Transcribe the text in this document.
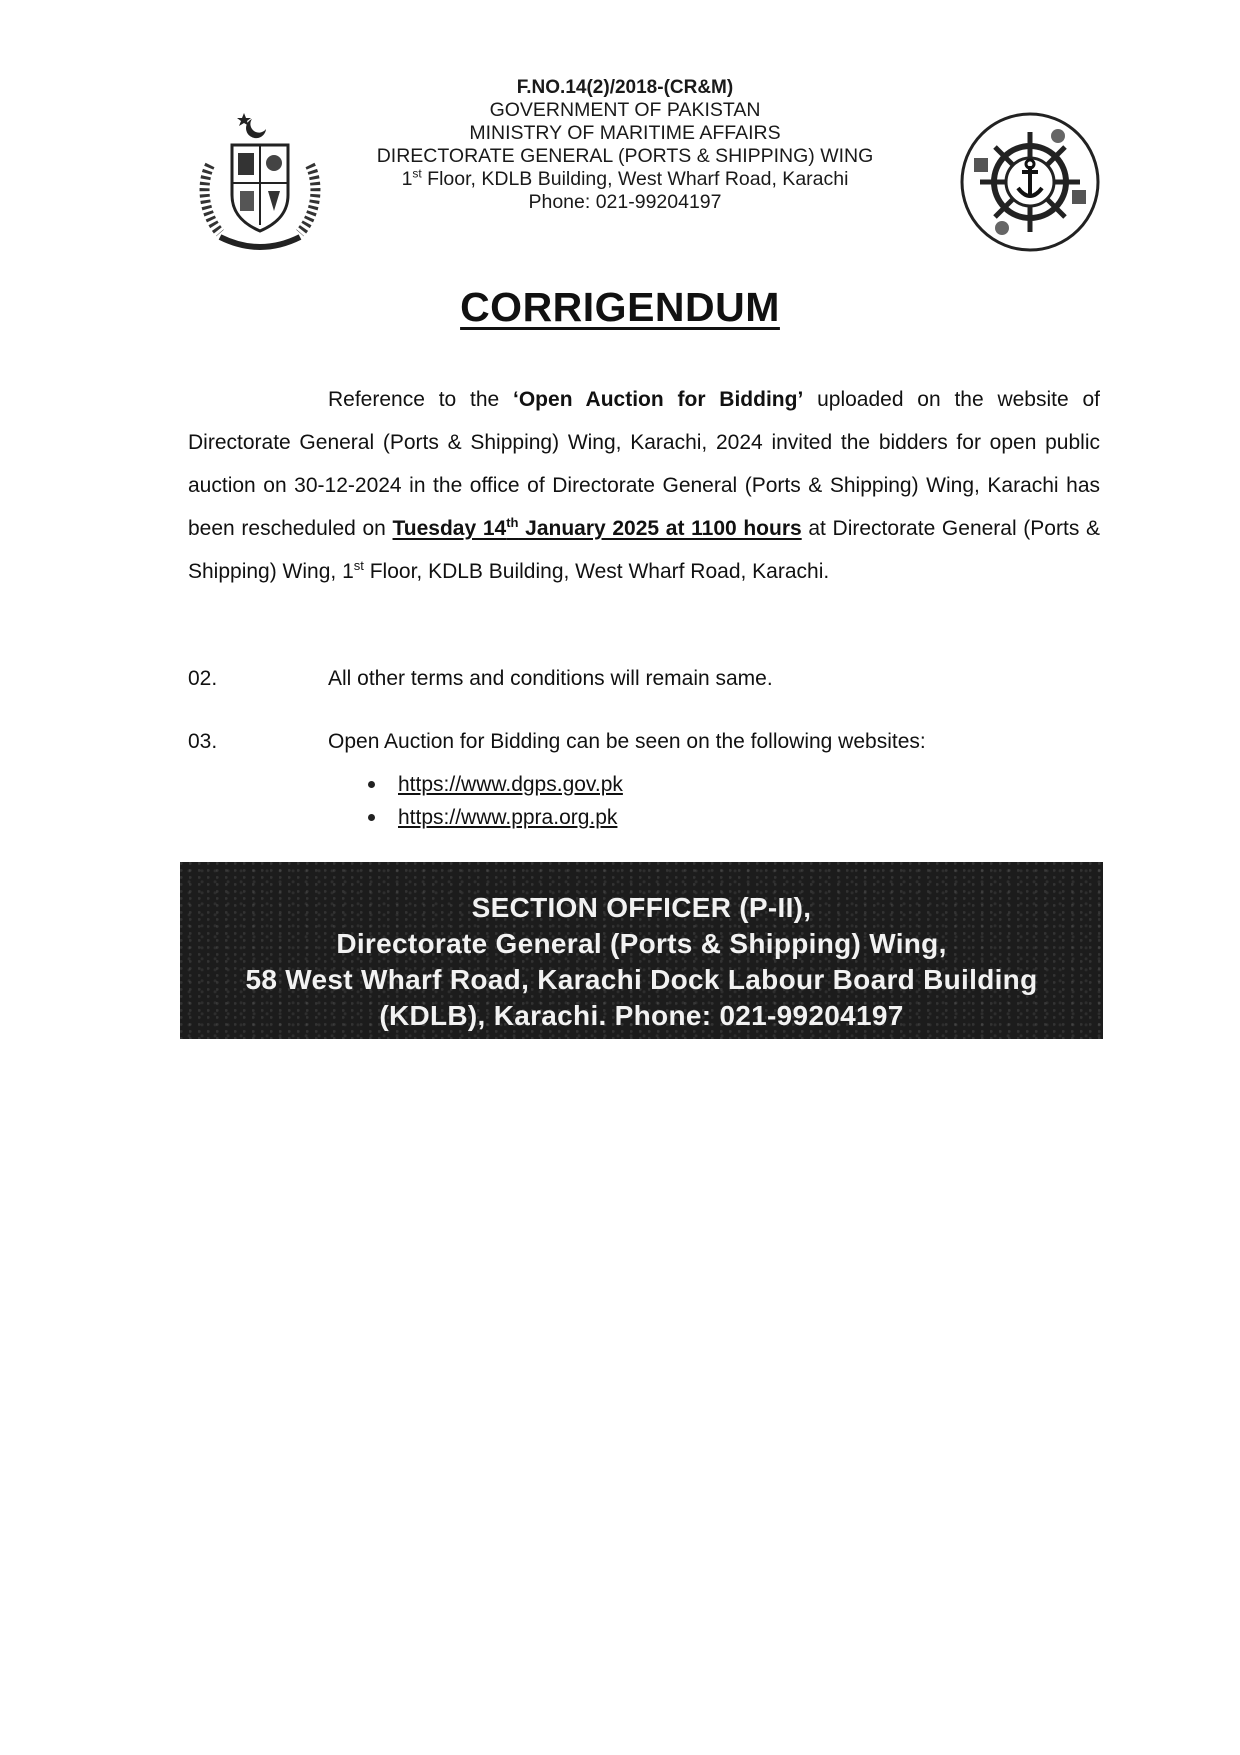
F.NO.14(2)/2018-(CR&M)
GOVERNMENT OF PAKISTAN
MINISTRY OF MARITIME AFFAIRS
DIRECTORATE GENERAL (PORTS & SHIPPING) WING
1st Floor, KDLB Building, West Wharf Road, Karachi
Phone: 021-99204197
CORRIGENDUM
Reference to the ‘Open Auction for Bidding’ uploaded on the website of Directorate General (Ports & Shipping) Wing, Karachi, 2024 invited the bidders for open public auction on 30-12-2024 in the office of Directorate General (Ports & Shipping) Wing, Karachi has been rescheduled on Tuesday 14th January 2025 at 1100 hours at Directorate General (Ports & Shipping) Wing, 1st Floor, KDLB Building, West Wharf Road, Karachi.
02.	All other terms and conditions will remain same.
03.	Open Auction for Bidding can be seen on the following websites:
https://www.dgps.gov.pk
https://www.ppra.org.pk
SECTION OFFICER (P-II),
Directorate General (Ports & Shipping) Wing,
58 West Wharf Road, Karachi Dock Labour Board Building
(KDLB), Karachi. Phone: 021-99204197
